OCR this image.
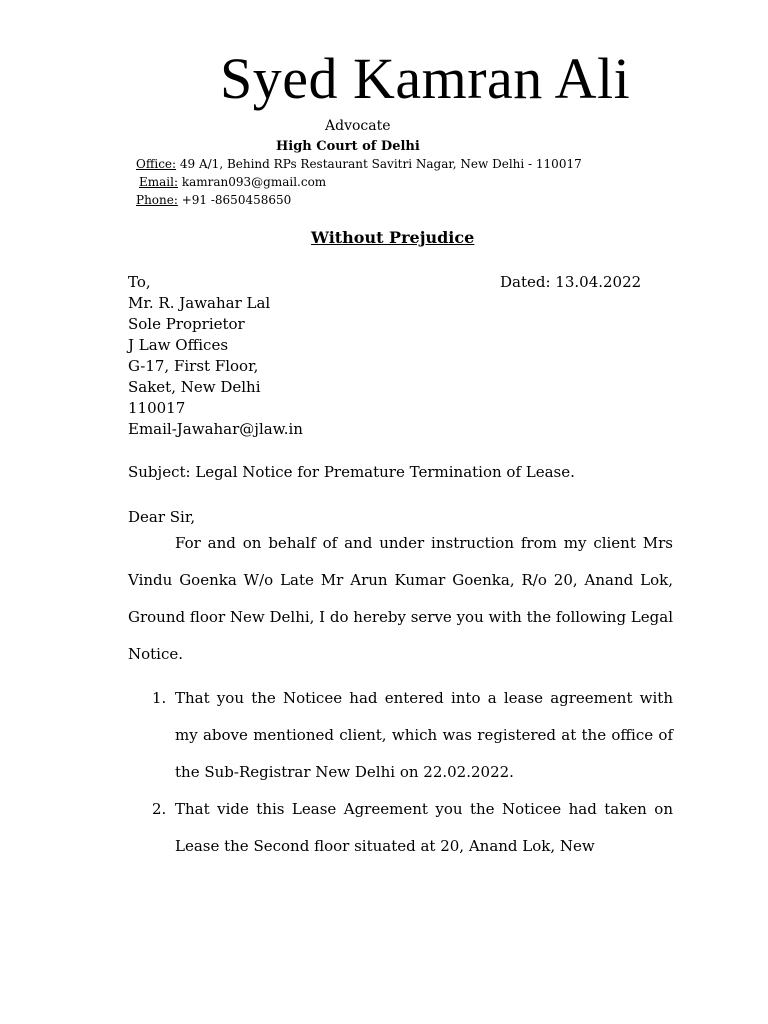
Syed Kamran Ali
Advocate
High Court of Delhi
Office: 49 A/1, Behind RPs Restaurant Savitri Nagar, New Delhi - 110017
Email: kamran093@gmail.com
Phone: +91 -8650458650
Without Prejudice
To,	Dated: 13.04.2022
Mr. R. Jawahar Lal
Sole Proprietor
J Law Offices
G-17, First Floor,
Saket, New Delhi
110017
Email-Jawahar@jlaw.in
Subject: Legal Notice for Premature Termination of Lease.
Dear Sir,

For and on behalf of and under instruction from my client Mrs Vindu Goenka W/o Late Mr Arun Kumar Goenka, R/o 20, Anand Lok, Ground floor New Delhi, I do hereby serve you with the following Legal Notice.

1. That you the Noticee had entered into a lease agreement with my above mentioned client, which was registered at the office of the Sub-Registrar New Delhi on 22.02.2022.
2. That vide this Lease Agreement you the Noticee had taken on Lease the Second floor situated at 20, Anand Lok, New
